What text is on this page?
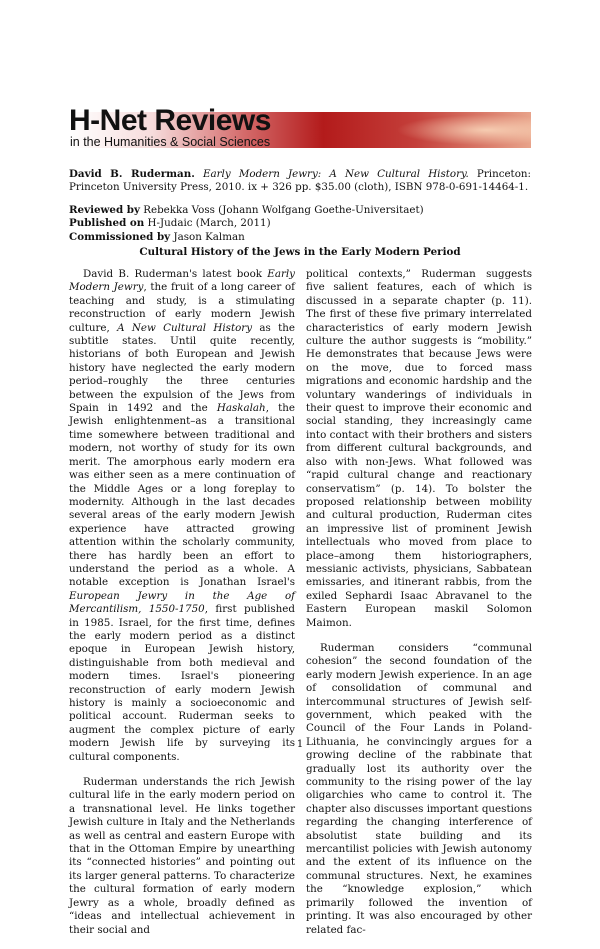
H-Net Reviews
in the Humanities & Social Sciences
David B. Ruderman. Early Modern Jewry: A New Cultural History. Princeton: Princeton University Press, 2010. ix + 326 pp. $35.00 (cloth), ISBN 978-0-691-14464-1.
Reviewed by Rebekka Voss (Johann Wolfgang Goethe-Universitaet)
Published on H-Judaic (March, 2011)
Commissioned by Jason Kalman
Cultural History of the Jews in the Early Modern Period

David B. Ruderman's latest book Early Modern Jewry, the fruit of a long career of teaching and study, is a stimulating reconstruction of early modern Jewish culture, A New Cultural History as the subtitle states. Until quite recently, historians of both European and Jewish history have neglected the early modern period–roughly the three centuries between the expulsion of the Jews from Spain in 1492 and the Haskalah, the Jewish enlightenment–as a transitional time somewhere between traditional and modern, not worthy of study for its own merit. The amorphous early modern era was either seen as a mere continuation of the Middle Ages or a long foreplay to modernity. Although in the last decades several areas of the early modern Jewish experience have attracted growing attention within the scholarly community, there has hardly been an effort to understand the period as a whole. A notable exception is Jonathan Israel's European Jewry in the Age of Mercantilism, 1550-1750, first published in 1985. Israel, for the first time, defines the early modern period as a distinct epoque in European Jewish history, distinguishable from both medieval and modern times. Israel's pioneering reconstruction of early modern Jewish history is mainly a socioeconomic and political account. Ruderman seeks to augment the complex picture of early modern Jewish life by surveying its cultural components.

Ruderman understands the rich Jewish cultural life in the early modern period on a transnational level. He links together Jewish culture in Italy and the Netherlands as well as central and eastern Europe with that in the Ottoman Empire by unearthing its “connected histories” and pointing out its larger general patterns. To characterize the cultural formation of early modern Jewry as a whole, broadly defined as “ideas and intellectual achievement in their social and

political contexts,” Ruderman suggests five salient features, each of which is discussed in a separate chapter (p. 11). The first of these five primary interrelated characteristics of early modern Jewish culture the author suggests is “mobility.” He demonstrates that because Jews were on the move, due to forced mass migrations and economic hardship and the voluntary wanderings of individuals in their quest to improve their economic and social standing, they increasingly came into contact with their brothers and sisters from different cultural backgrounds, and also with non-Jews. What followed was “rapid cultural change and reactionary conservatism” (p. 14). To bolster the proposed relationship between mobility and cultural production, Ruderman cites an impressive list of prominent Jewish intellectuals who moved from place to place–among them historiographers, messianic activists, physicians, Sabbatean emissaries, and itinerant rabbis, from the exiled Sephardi Isaac Abravanel to the Eastern European maskil Solomon Maimon.

Ruderman considers “communal cohesion” the second foundation of the early modern Jewish experience. In an age of consolidation of communal and intercommunal structures of Jewish self-government, which peaked with the Council of the Four Lands in Poland-Lithuania, he convincingly argues for a growing decline of the rabbinate that gradually lost its authority over the community to the rising power of the lay oligarchies who came to control it. The chapter also discusses important questions regarding the changing interference of absolutist state building and its mercantilist policies with Jewish autonomy and the extent of its influence on the communal structures. Next, he examines the “knowledge explosion,” which primarily followed the invention of printing. It was also encouraged by other related fac-

1
